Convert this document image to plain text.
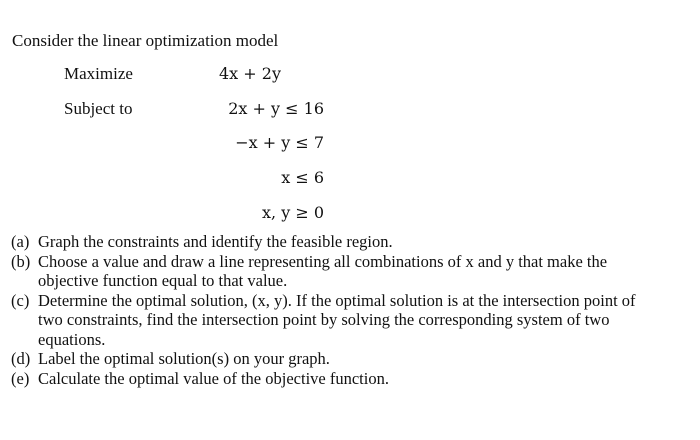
Consider the linear optimization model
Maximize	4x + 2y
Subject to	2x + y ≤ 16
−x + y ≤ 7
x ≤ 6
x, y ≥ 0
(a) Graph the constraints and identify the feasible region.
(b) Choose a value and draw a line representing all combinations of x and y that make the objective function equal to that value.
(c) Determine the optimal solution, (x, y). If the optimal solution is at the intersection point of two constraints, find the intersection point by solving the corresponding system of two equations.
(d) Label the optimal solution(s) on your graph.
(e) Calculate the optimal value of the objective function.
